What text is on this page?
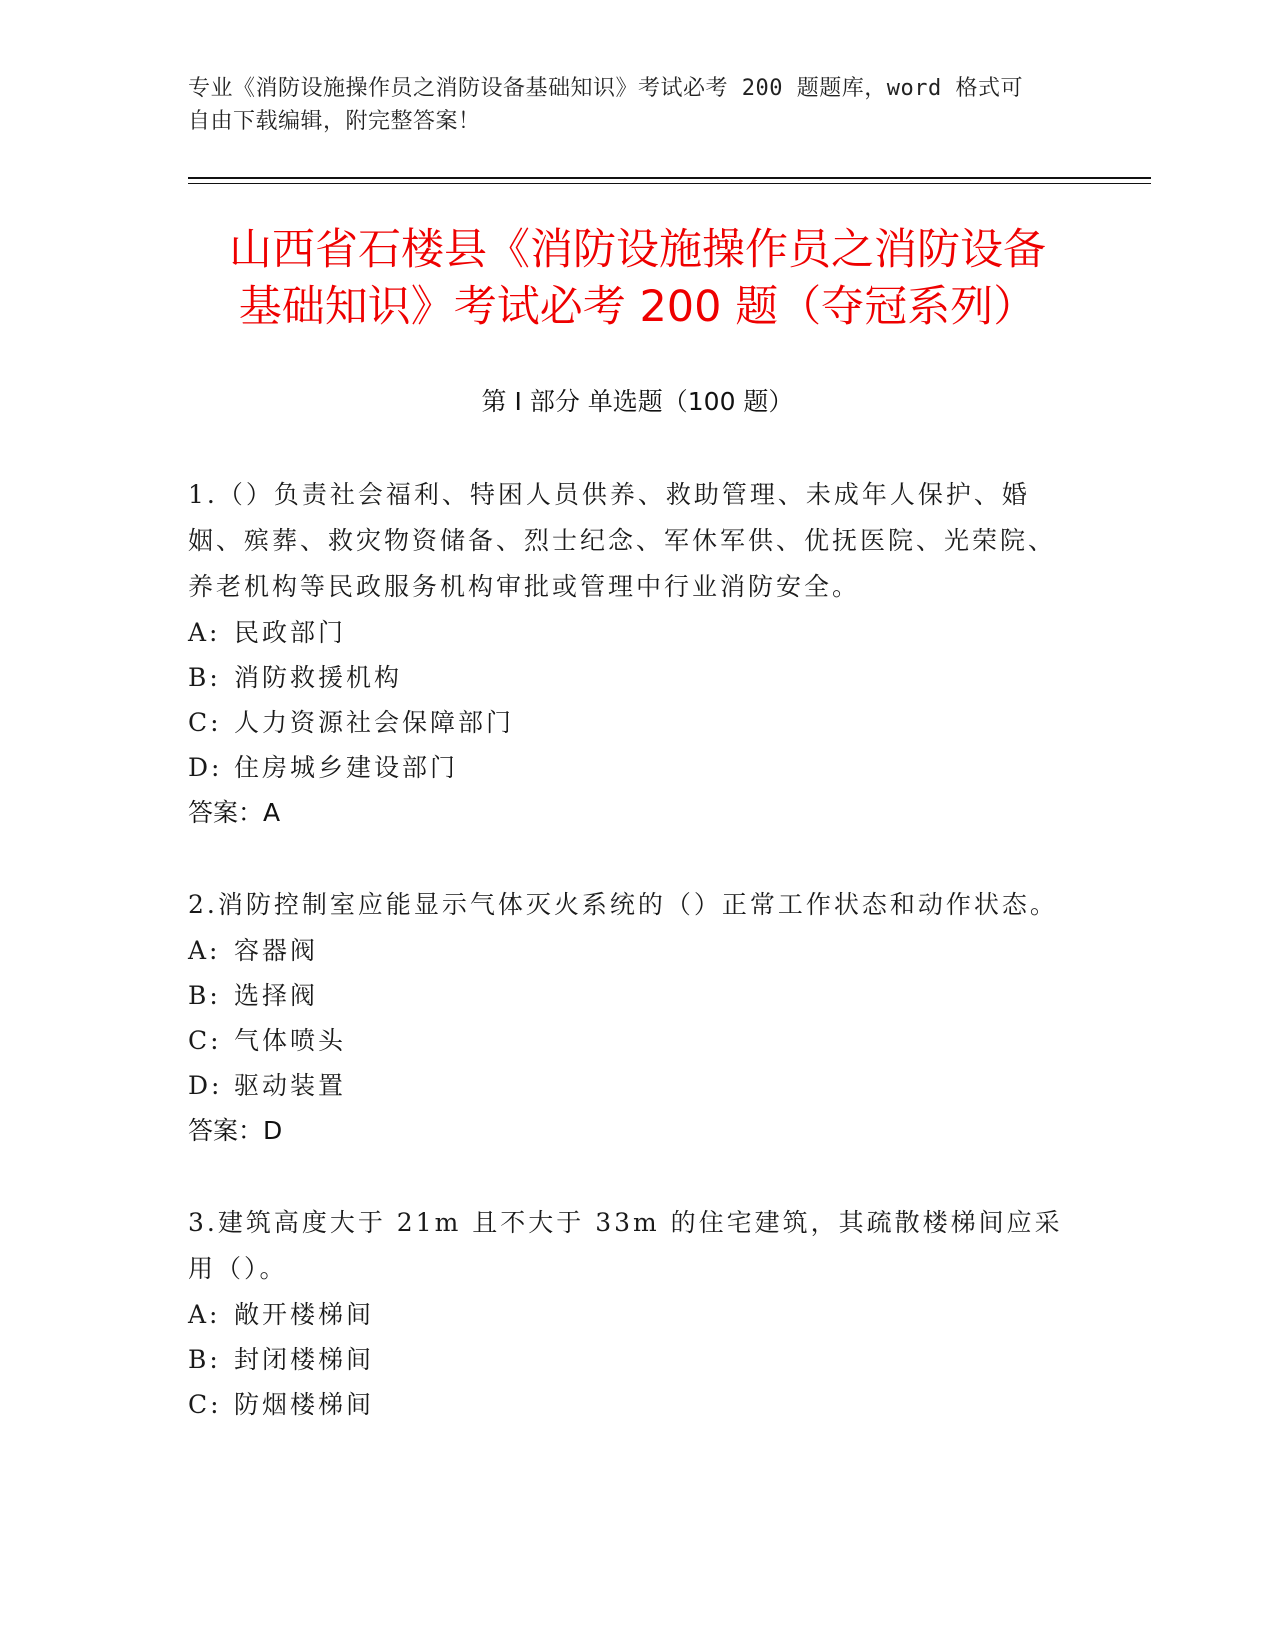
专业《消防设施操作员之消防设备基础知识》考试必考 200 题题库，word 格式可
自由下载编辑，附完整答案！
山西省石楼县《消防设施操作员之消防设备
基础知识》考试必考 200 题（夺冠系列）
第 I 部分 单选题（100 题）

1.（）负责社会福利、特困人员供养、救助管理、未成年人保护、婚姻、殡葬、救灾物资储备、烈士纪念、军休军供、优抚医院、光荣院、养老机构等民政服务机构审批或管理中行业消防安全。

A: 民政部门

B: 消防救援机构

C: 人力资源社会保障部门

D: 住房城乡建设部门

答案：A

2.消防控制室应能显示气体灭火系统的（）正常工作状态和动作状态。

A: 容器阀

B: 选择阀

C: 气体喷头

D: 驱动装置

答案：D

3.建筑高度大于 21m 且不大于 33m 的住宅建筑，其疏散楼梯间应采用（）。

A: 敞开楼梯间

B: 封闭楼梯间

C: 防烟楼梯间
